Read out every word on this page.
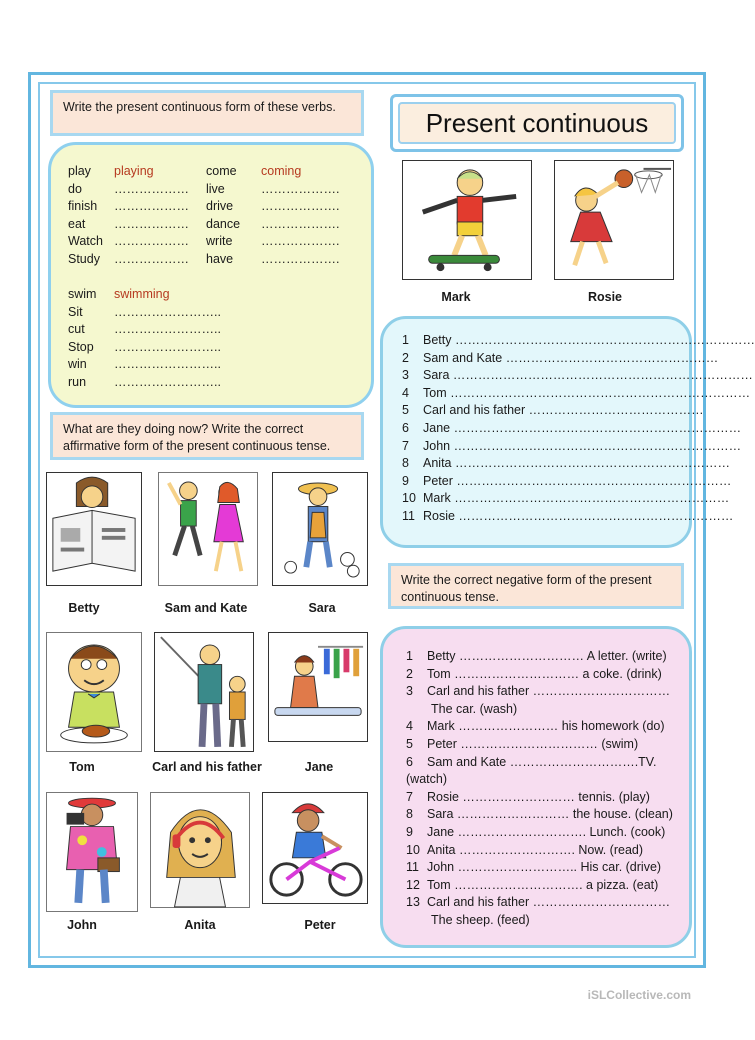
Write the present continuous form of these verbs.
Present continuous
play playing
do	………………
finish ………………
eat ………………
Watch ………………
Study ………………
come coming
live	……………….
drive ……………….
dance ……………….
write ……………….
have ……………….
swim swimming
Sit	……………………..
cut ……………………..
Stop ……………………..
win ……………………..
run ……………………..
Mark	Rosie
1 Betty ………………………………………………………………
2 Sam and Kate ……………………………………………
3 Sara ………………………………………………………………
4 Tom ………………………………………………………………
5 Carl and his father ……………………………………
6 Jane ……………………………………………………………
7 John ……………………………………………………………
8 Anita …………………………………………………………
9 Peter …………………………………………………………
10 Mark …………………………………………………………
11 Rosie …………………………………………………………
What are they doing now? Write the correct affirmative form of the present continuous tense.
Betty	Sam and Kate	Sara
Write the correct negative form of the present continuous tense.
1 Betty ………………………… A letter. (write)
2 Tom ………………………… a coke. (drink)
3 Carl and his father ……………………………
The car. (wash)
4 Mark …………………… his homework (do)
5 Peter …………………………… (swim)
6 Sam and Kate ………………………….TV.
(watch)
7 Rosie ……………………… tennis. (play)
8 Sara ……………………… the house. (clean)
9 Jane …………………………. Lunch. (cook)
10 Anita ………………………. Now. (read)
11 John ……………………….. His car. (drive)
12 Tom …………………………. a pizza. (eat)
13 Carl and his father ……………………………
The sheep. (feed)
Tom	Carl and his father	Jane
John	Anita	Peter
iSLCollective.com
